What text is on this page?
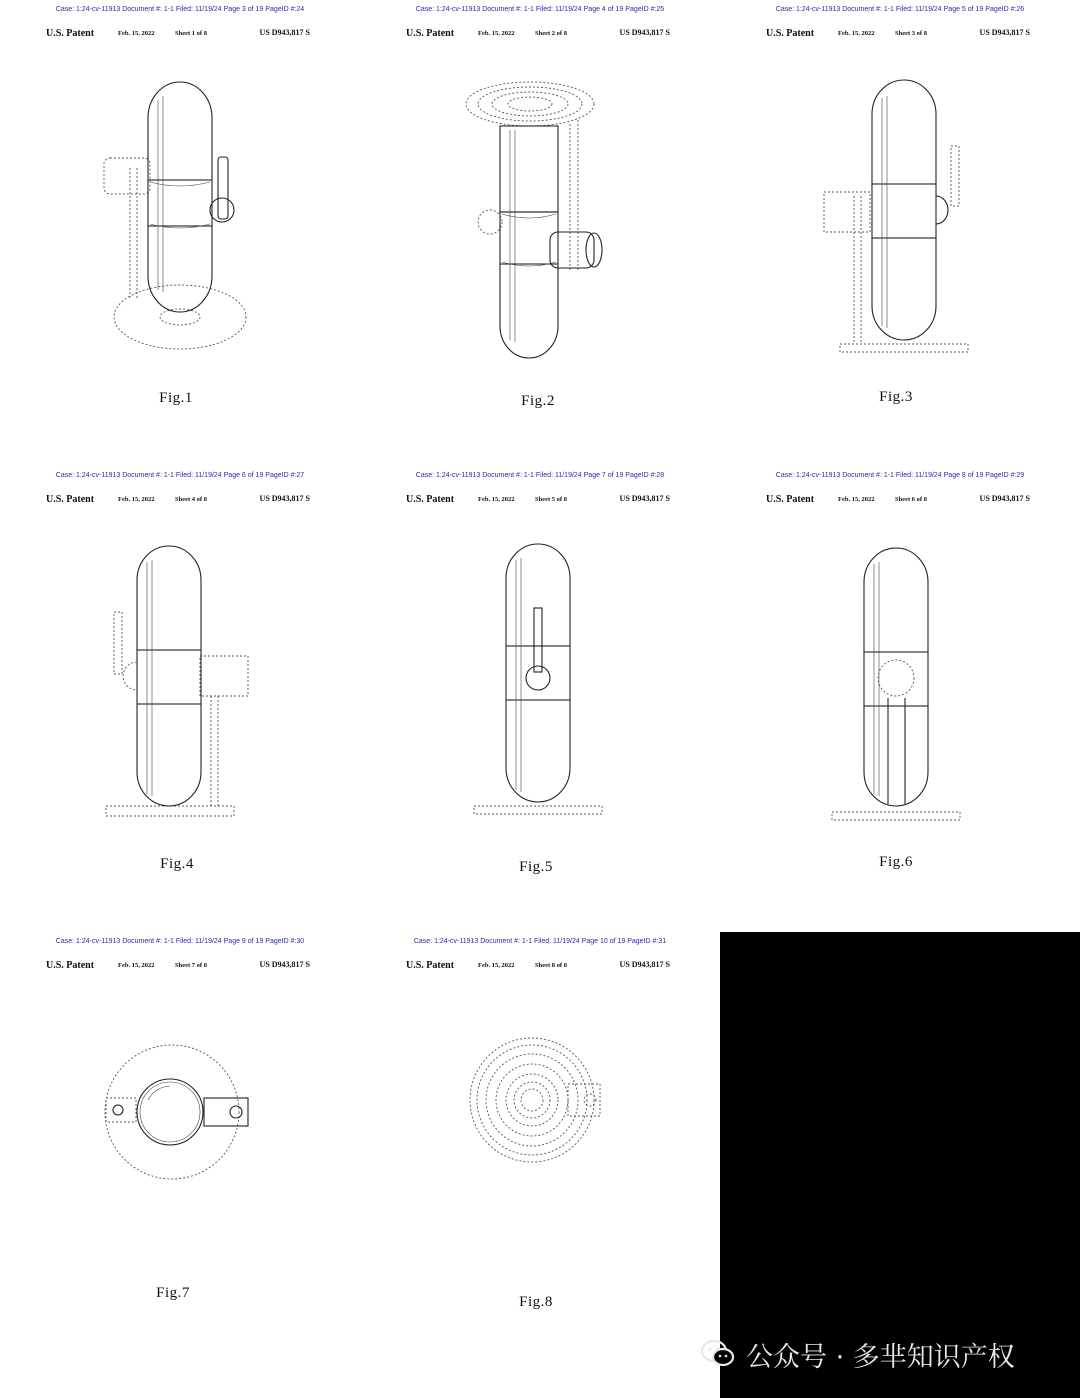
Case: 1:24-cv-11913 Document #: 1-1 Filed: 11/19/24 Page 3 of 19 PageID #:24
U.S. Patent	Feb. 15, 2022	Sheet 1 of 8	US D943,817 S
Fig.1
Case: 1:24-cv-11913 Document #: 1-1 Filed: 11/19/24 Page 4 of 19 PageID #:25
U.S. Patent	Feb. 15, 2022	Sheet 2 of 8	US D943,817 S
Fig.2
Case: 1:24-cv-11913 Document #: 1-1 Filed: 11/19/24 Page 5 of 19 PageID #:26
U.S. Patent	Feb. 15, 2022	Sheet 3 of 8	US D943,817 S
Fig.3
Case: 1:24-cv-11913 Document #: 1-1 Filed: 11/19/24 Page 6 of 19 PageID #:27
U.S. Patent	Feb. 15, 2022	Sheet 4 of 8	US D943,817 S
Fig.4
Case: 1:24-cv-11913 Document #: 1-1 Filed: 11/19/24 Page 7 of 19 PageID #:28
U.S. Patent	Feb. 15, 2022	Sheet 5 of 8	US D943,817 S
Fig.5
Case: 1:24-cv-11913 Document #: 1-1 Filed: 11/19/24 Page 8 of 19 PageID #:29
U.S. Patent	Feb. 15, 2022	Sheet 6 of 8	US D943,817 S
Fig.6
Case: 1:24-cv-11913 Document #: 1-1 Filed: 11/19/24 Page 9 of 19 PageID #:30
U.S. Patent	Feb. 15, 2022	Sheet 7 of 8	US D943,817 S
Fig.7
Case: 1:24-cv-11913 Document #: 1-1 Filed: 11/19/24 Page 10 of 19 PageID #:31
U.S. Patent	Feb. 15, 2022	Sheet 8 of 8	US D943,817 S
Fig.8
公众号 · 多芈知识产权
